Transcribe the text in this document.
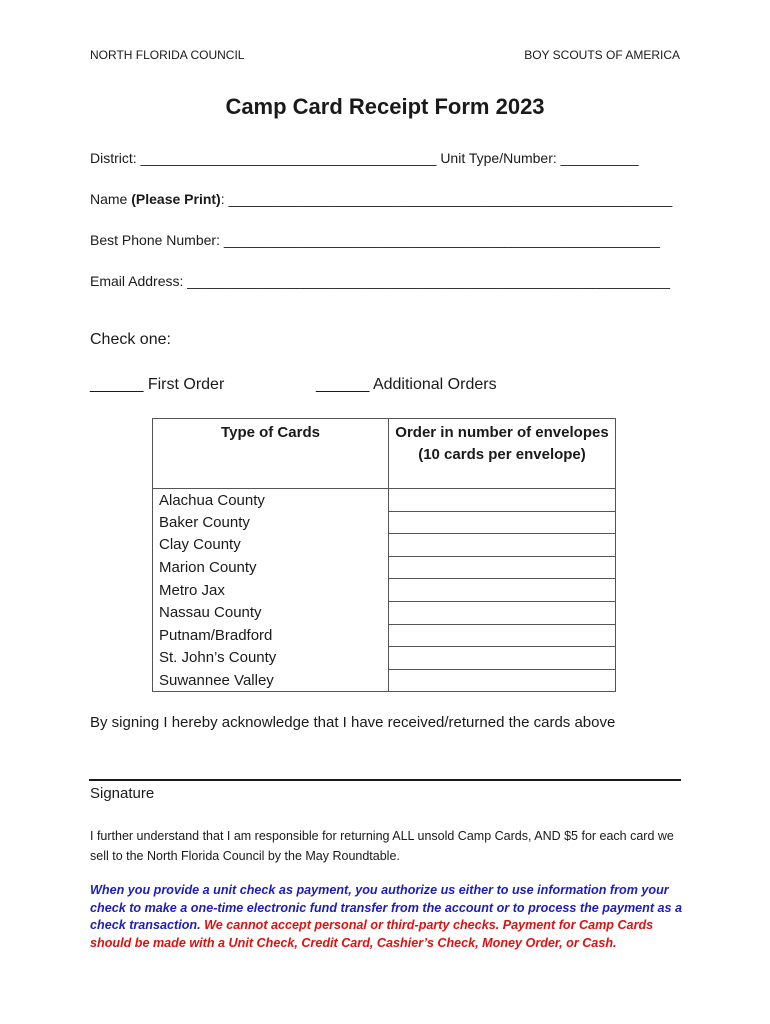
NORTH FLORIDA COUNCIL	BOY SCOUTS OF AMERICA
Camp Card Receipt Form 2023
District: ______________________________________ Unit Type/Number: __________
Name (Please Print): _________________________________________________________
Best Phone Number: ________________________________________________________
Email Address: ______________________________________________________________
Check one:
______ First Order	______ Additional Orders
Type of Cards	Order in number of envelopes (10 cards per envelope)
Alachua County	
Baker County	
Clay County	
Marion County	
Metro Jax	
Nassau County	
Putnam/Bradford	
St. John’s County	
Suwannee Valley	
By signing I hereby acknowledge that I have received/returned the cards above
Signature
I further understand that I am responsible for returning ALL unsold Camp Cards, AND $5 for each card we sell to the North Florida Council by the May Roundtable.
When you provide a unit check as payment, you authorize us either to use information from your check to make a one-time electronic fund transfer from the account or to process the payment as a check transaction. We cannot accept personal or third-party checks. Payment for Camp Cards should be made with a Unit Check, Credit Card, Cashier’s Check, Money Order, or Cash.
